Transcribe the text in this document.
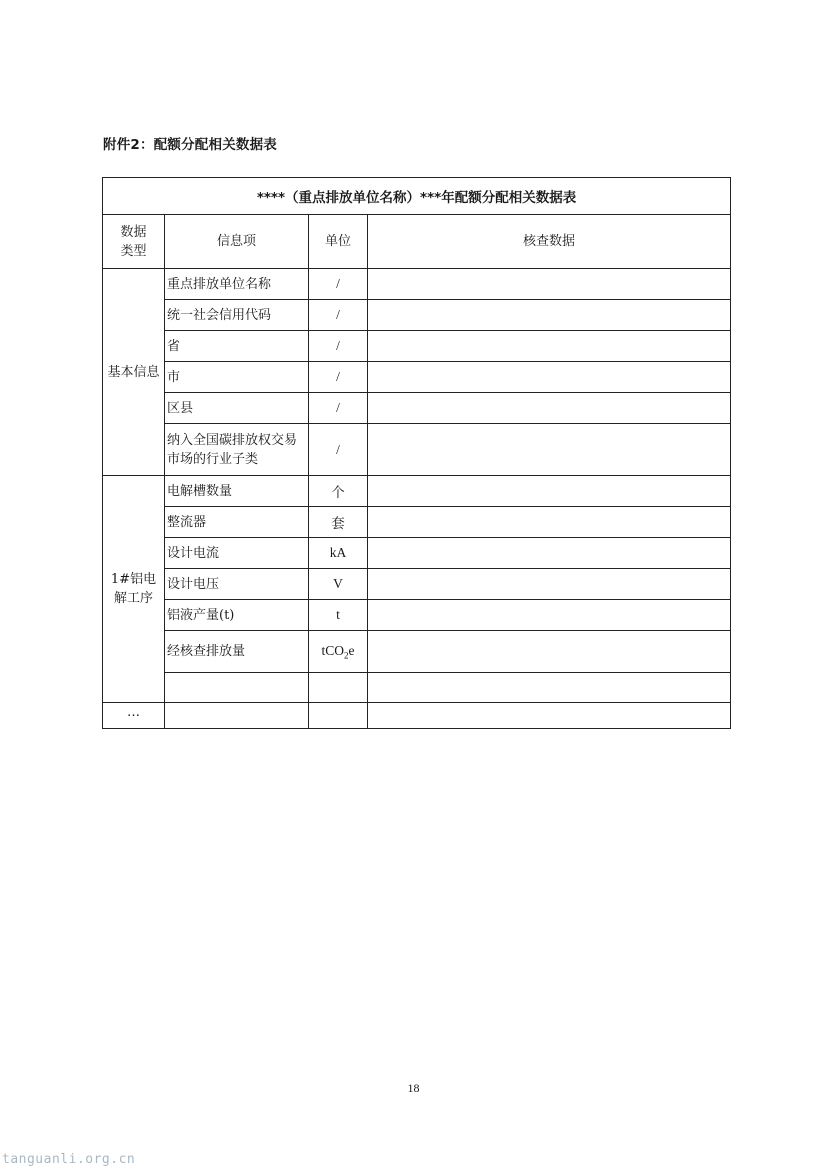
附件2：配额分配相关数据表
****（重点排放单位名称）***年配额分配相关数据表			

数据类型	信息项	单位	核查数据
基本信息	重点排放单位名称	/	
	统一社会信用代码	/	
	省	/	
	市	/	
	区县	/	

	纳入全国碳排放权交易市场的行业子类	/	

1#铝电解工序	电解槽数量	个	
	整流器	套	
	设计电流	kA	
	设计电压	V	
	铝液产量(t)	t	
	经核查排放量	tCO$_2$e	

…			
18
tanguanli.org.cn
